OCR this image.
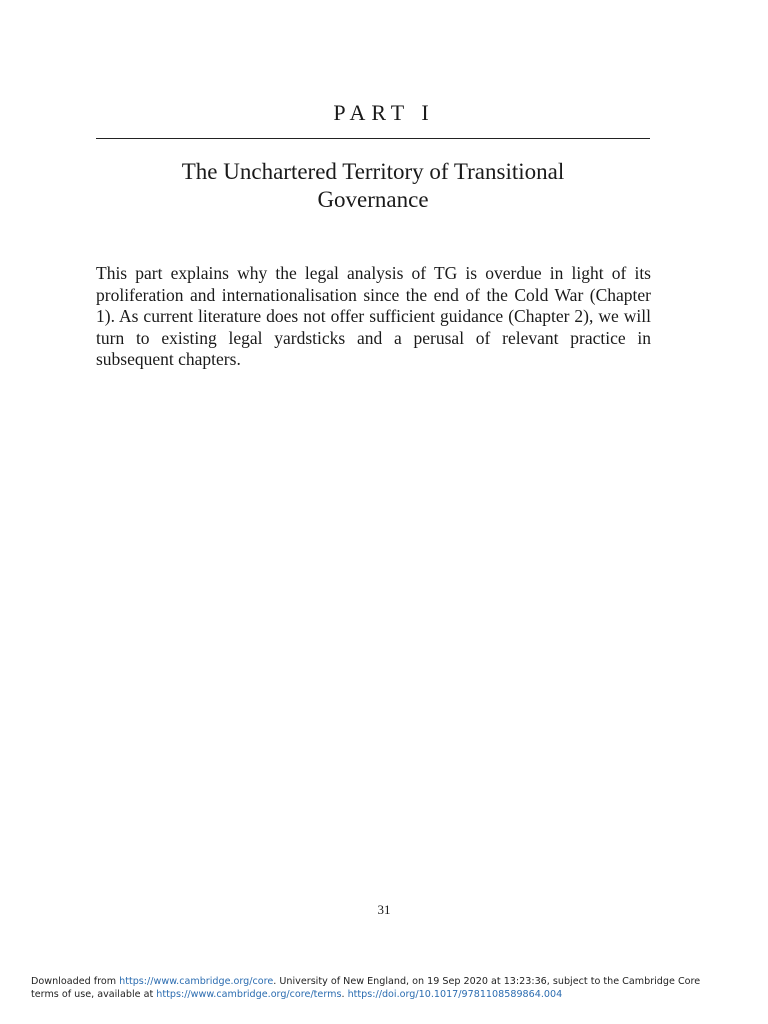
PART I
The Unchartered Territory of Transitional
Governance

This part explains why the legal analysis of TG is overdue in light of its proliferation and internationalisation since the end of the Cold War (Chapter 1). As current literature does not offer sufficient guidance (Chapter 2), we will turn to existing legal yardsticks and a perusal of relevant practice in subsequent chapters.

31
Downloaded from https://www.cambridge.org/core. University of New England, on 19 Sep 2020 at 13:23:36, subject to the Cambridge Core
terms of use, available at https://www.cambridge.org/core/terms. https://doi.org/10.1017/9781108589864.004
